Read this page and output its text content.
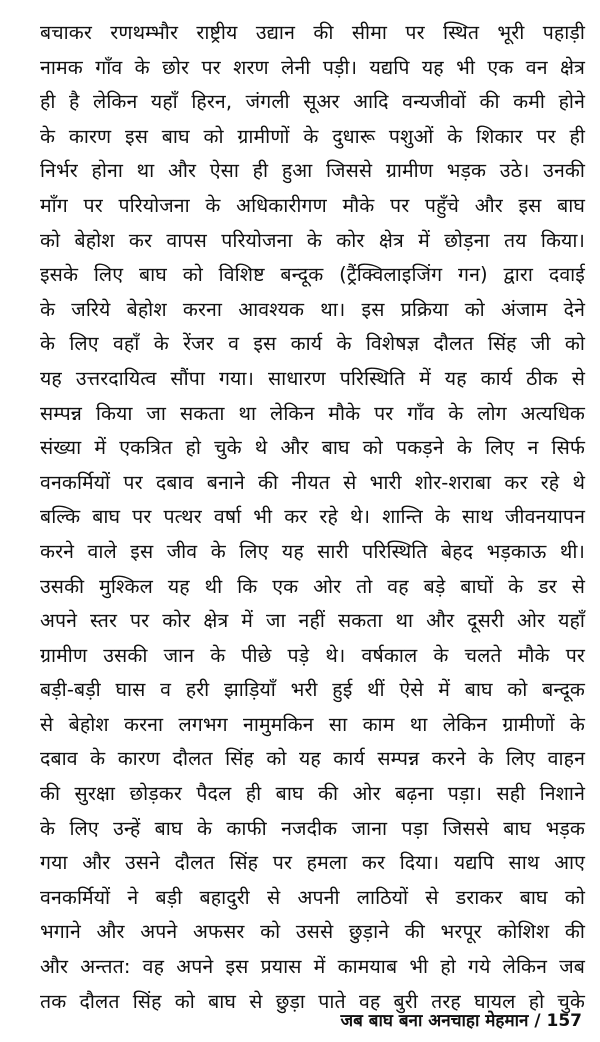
बचाकर रणथम्भौर राष्ट्रीय उद्यान की सीमा पर स्थित भूरी पहाड़ी
नामक गाँव के छोर पर शरण लेनी पड़ी। यद्यपि यह भी एक वन क्षेत्र
ही है लेकिन यहाँ हिरन, जंगली सूअर आदि वन्यजीवों की कमी होने
के कारण इस बाघ को ग्रामीणों के दुधारू पशुओं के शिकार पर ही
निर्भर होना था और ऐसा ही हुआ जिससे ग्रामीण भड़क उठे। उनकी
माँग पर परियोजना के अधिकारीगण मौके पर पहुँचे और इस बाघ
को बेहोश कर वापस परियोजना के कोर क्षेत्र में छोड़ना तय किया।
इसके लिए बाघ को विशिष्ट बन्दूक (ट्रैंक्विलाइजिंग गन) द्वारा दवाई
के जरिये बेहोश करना आवश्यक था। इस प्रक्रिया को अंजाम देने
के लिए वहाँ के रेंजर व इस कार्य के विशेषज्ञ दौलत सिंह जी को
यह उत्तरदायित्व सौंपा गया। साधारण परिस्थिति में यह कार्य ठीक से
सम्पन्न किया जा सकता था लेकिन मौके पर गाँव के लोग अत्यधिक
संख्या में एकत्रित हो चुके थे और बाघ को पकड़ने के लिए न सिर्फ
वनकर्मियों पर दबाव बनाने की नीयत से भारी शोर-शराबा कर रहे थे
बल्कि बाघ पर पत्थर वर्षा भी कर रहे थे। शान्ति के साथ जीवनयापन
करने वाले इस जीव के लिए यह सारी परिस्थिति बेहद भड़काऊ थी।
उसकी मुश्किल यह थी कि एक ओर तो वह बड़े बाघों के डर से
अपने स्तर पर कोर क्षेत्र में जा नहीं सकता था और दूसरी ओर यहाँ
ग्रामीण उसकी जान के पीछे पड़े थे। वर्षकाल के चलते मौके पर
बड़ी-बड़ी घास व हरी झाड़ियाँ भरी हुई थीं ऐसे में बाघ को बन्दूक
से बेहोश करना लगभग नामुमकिन सा काम था लेकिन ग्रामीणों के
दबाव के कारण दौलत सिंह को यह कार्य सम्पन्न करने के लिए वाहन
की सुरक्षा छोड़कर पैदल ही बाघ की ओर बढ़ना पड़ा। सही निशाने
के लिए उन्हें बाघ के काफी नजदीक जाना पड़ा जिससे बाघ भड़क
गया और उसने दौलत सिंह पर हमला कर दिया। यद्यपि साथ आए
वनकर्मियों ने बड़ी बहादुरी से अपनी लाठियों से डराकर बाघ को
भगाने और अपने अफसर को उससे छुड़ाने की भरपूर कोशिश की
और अन्तत: वह अपने इस प्रयास में कामयाब भी हो गये लेकिन जब
तक दौलत सिंह को बाघ से छुड़ा पाते वह बुरी तरह घायल हो चुके
जब बाघ बना अनचाहा मेहमान / 157
